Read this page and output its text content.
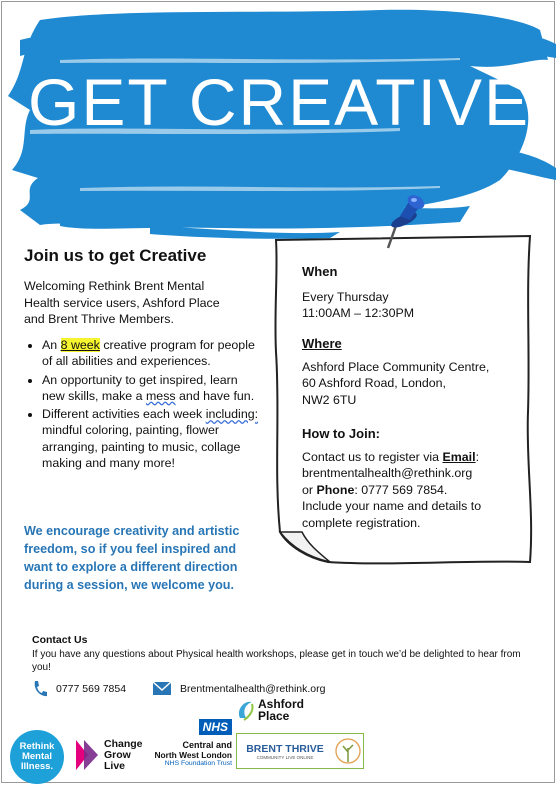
GET CREATIVE
Join us to get Creative
Welcoming Rethink Brent Mental Health service users, Ashford Place and Brent Thrive Members.
• An 8 week creative program for people of all abilities and experiences.
• An opportunity to get inspired, learn new skills, make a mess and have fun.
• Different activities each week including: mindful coloring, painting, flower arranging, painting to music, collage making and many more!
We encourage creativity and artistic freedom, so if you feel inspired and want to explore a different direction during a session, we welcome you.
When
Every Thursday
11:00AM – 12:30PM
Where
Ashford Place Community Centre,
60 Ashford Road, London,
NW2 6TU
How to Join:
Contact us to register via Email:
brentmentalhealth@rethink.org
or Phone: 0777 569 7854.
Include your name and details to
complete registration.
Contact Us
If you have any questions about Physical health workshops, please get in touch we’d be delighted to hear from you!
0777 569 7854	Brentmentalhealth@rethink.org
Rethink
Mental
Illness.
Change
Grow
Live
NHS
Central and
North West London
NHS Foundation Trust
Ashford
Place
BRENT THRIVE
COMMUNITY LIVE ONLINE
